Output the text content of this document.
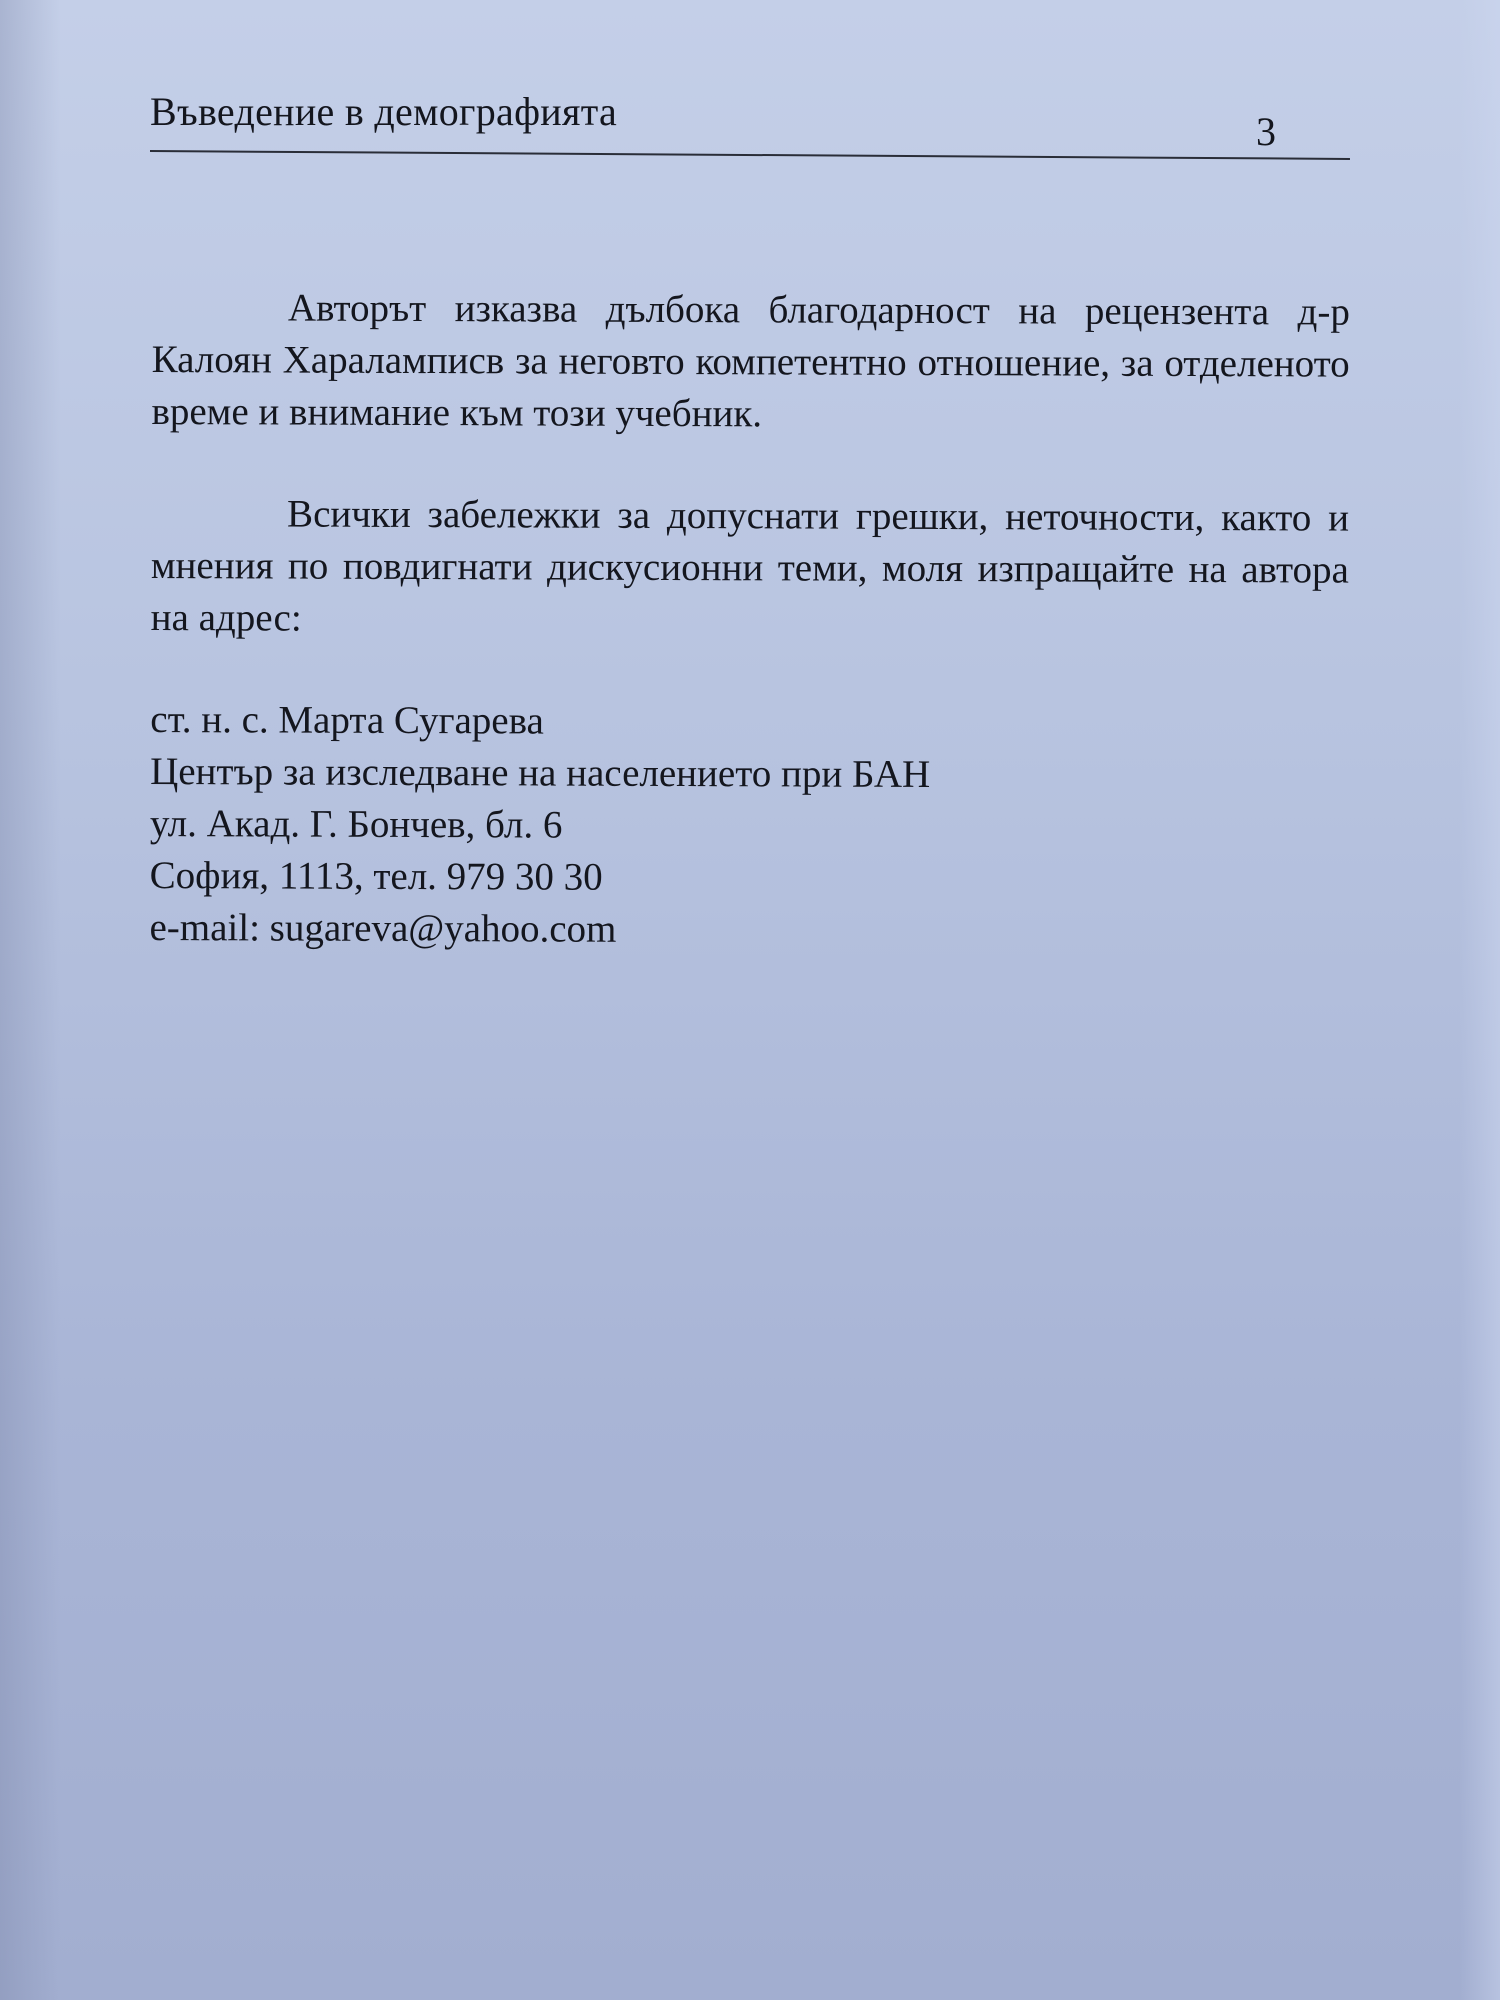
Въведение в демографията	3

Авторът изказва дълбока благодарност на рецензента д-р Калоян Хараламписв за неговто компетентно отношение, за отделеното време и внимание към този учебник.

Всички забележки за допуснати грешки, неточности, както и мнения по повдигнати дискусионни теми, моля изпращайте на автора на адрес:

ст. н. с. Марта Сугарева
Център за изследване на населението при БАН
ул. Акад. Г. Бончев, бл. 6
София, 1113, тел. 979 30 30
e-mail: sugareva@yahoo.com
